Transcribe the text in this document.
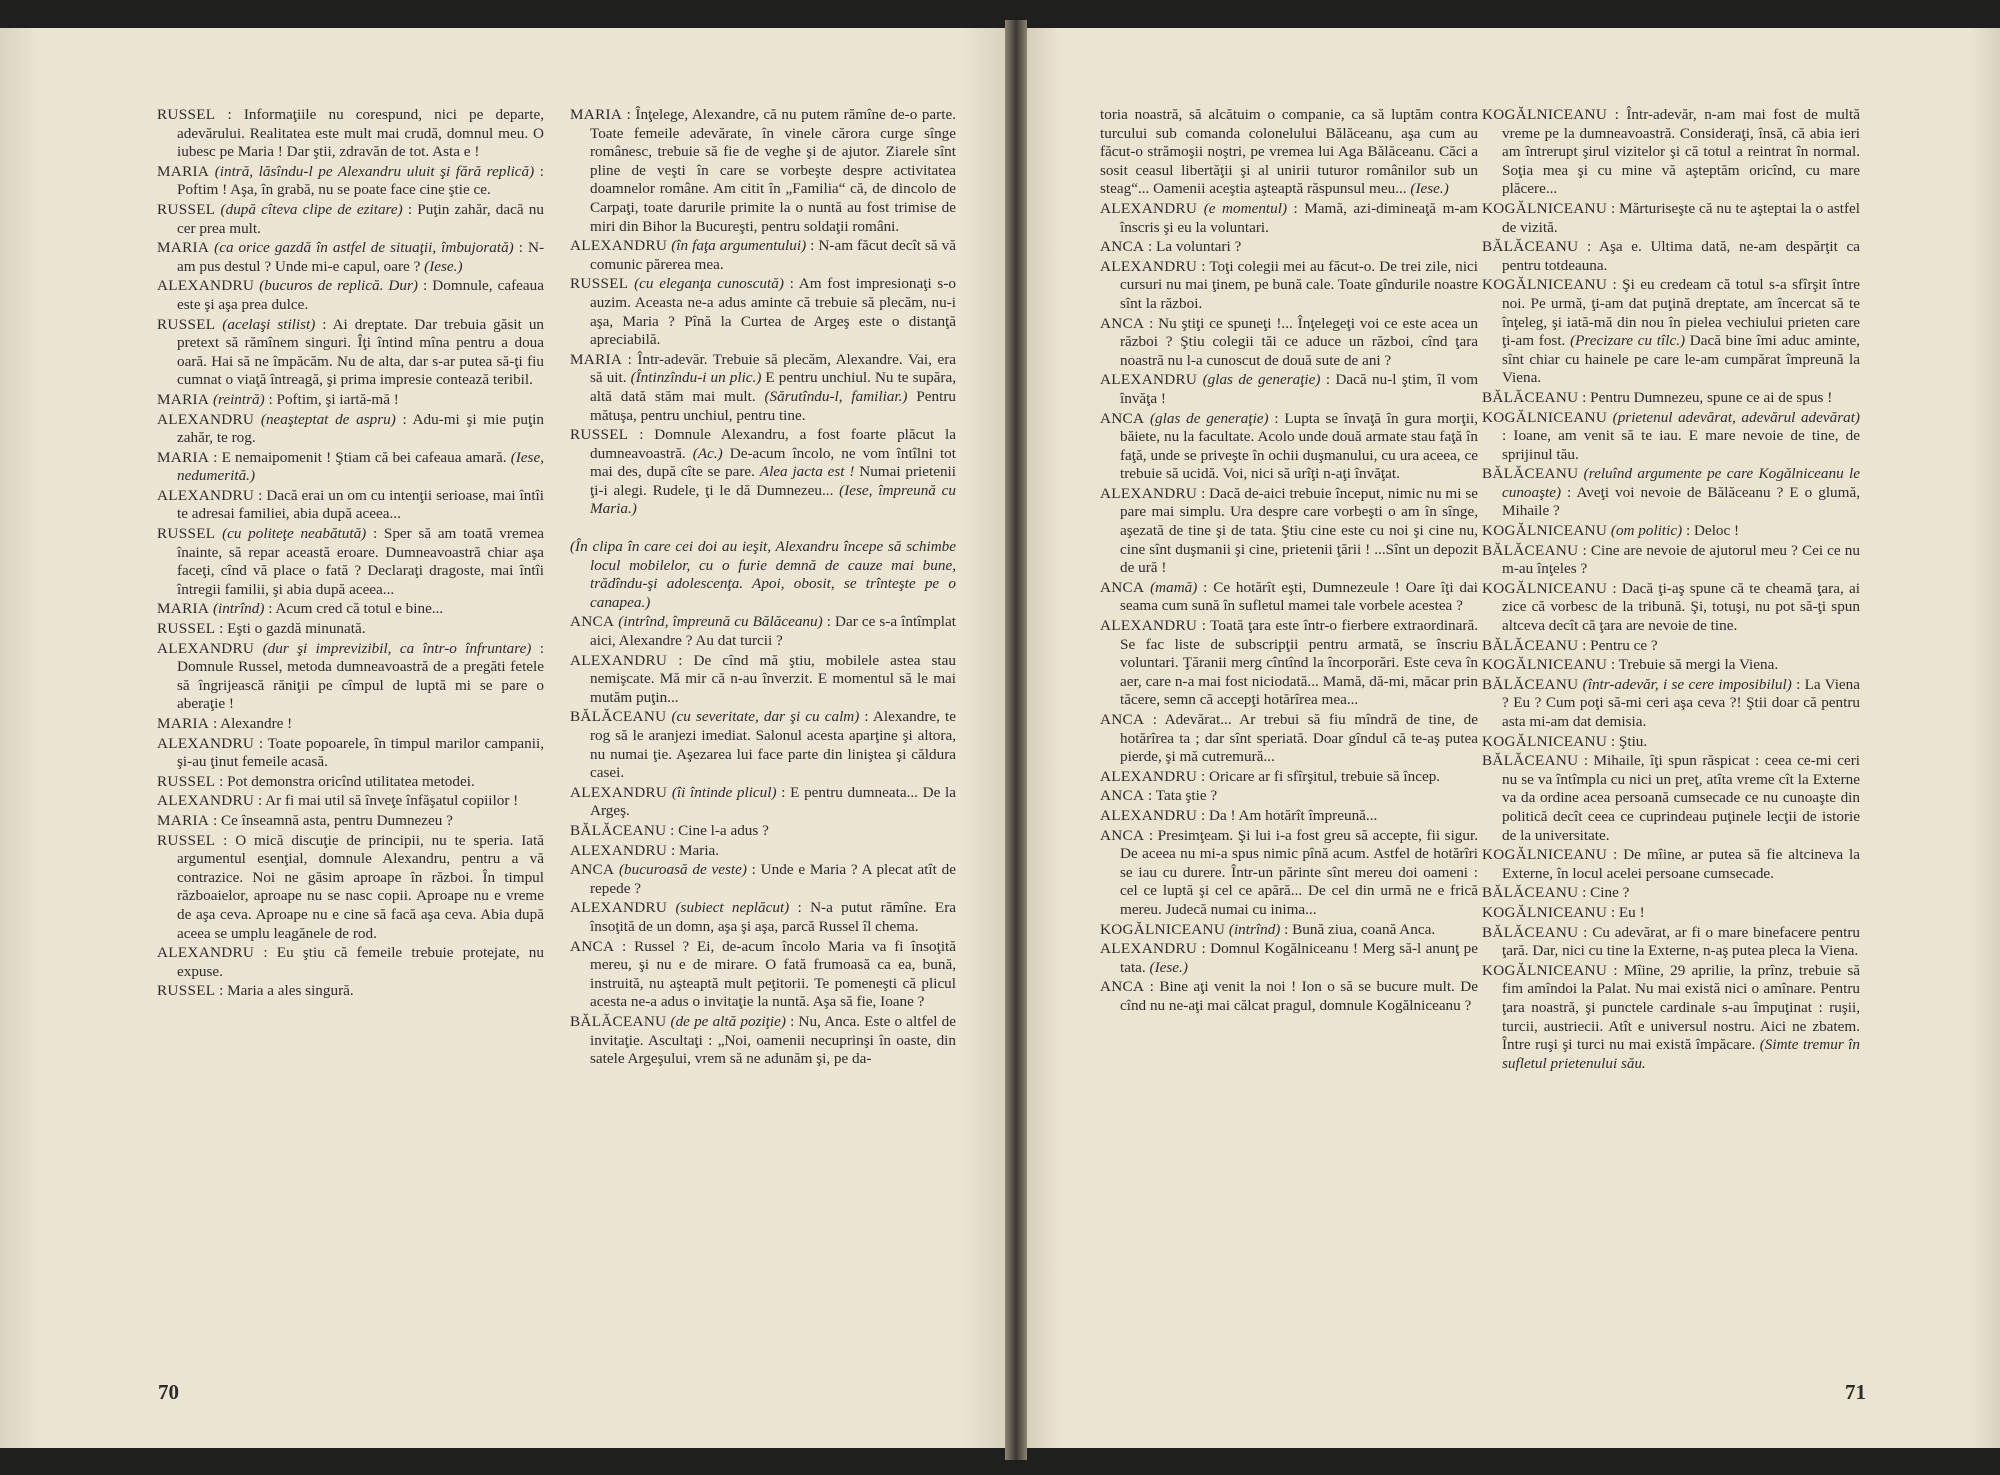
RUSSEL : Informaţiile nu corespund, nici pe departe, adevărului. Realitatea este mult mai crudă, domnul meu. O iubesc pe Maria ! Dar ştii, zdravăn de tot. Asta e !

MARIA (intră, lăsîndu-l pe Alexandru uluit şi fără replică) : Poftim ! Aşa, în grabă, nu se poate face cine ştie ce.

RUSSEL (după cîteva clipe de ezitare) : Puţin zahăr, dacă nu cer prea mult.

MARIA (ca orice gazdă în astfel de situaţii, îmbujorată) : N-am pus destul ? Unde mi-e capul, oare ? (Iese.)

ALEXANDRU (bucuros de replică. Dur) : Domnule, cafeaua este şi aşa prea dulce.

RUSSEL (acelaşi stilist) : Ai dreptate. Dar trebuia găsit un pretext să rămînem singuri. Îţi întind mîna pentru a doua oară. Hai să ne împăcăm. Nu de alta, dar s-ar putea să-ţi fiu cumnat o viaţă întreagă, şi prima impresie contează teribil.

MARIA (reintră) : Poftim, şi iartă-mă !

ALEXANDRU (neaşteptat de aspru) : Adu-mi şi mie puţin zahăr, te rog.

MARIA : E nemaipomenit ! Ştiam că bei cafeaua amară. (Iese, nedumerită.)

ALEXANDRU : Dacă erai un om cu intenţii serioase, mai întîi te adresai familiei, abia după aceea...

RUSSEL (cu politeţe neabătută) : Sper să am toată vremea înainte, să repar această eroare. Dumneavoastră chiar aşa faceţi, cînd vă place o fată ? Declaraţi dragoste, mai întîi întregii familii, şi abia după aceea...

MARIA (intrînd) : Acum cred că totul e bine...

RUSSEL : Eşti o gazdă minunată.

ALEXANDRU (dur şi imprevizibil, ca într-o înfruntare) : Domnule Russel, metoda dumneavoastră de a pregăti fetele să îngrijească răniţii pe cîmpul de luptă mi se pare o aberaţie !

MARIA : Alexandre !

ALEXANDRU : Toate popoarele, în timpul marilor campanii, şi-au ţinut femeile acasă.

RUSSEL : Pot demonstra oricînd utilitatea metodei.

ALEXANDRU : Ar fi mai util să înveţe înfăşatul copiilor !

MARIA : Ce înseamnă asta, pentru Dumnezeu ?

RUSSEL : O mică discuţie de principii, nu te speria. Iată argumentul esenţial, domnule Alexandru, pentru a vă contrazice. Noi ne găsim aproape în război. În timpul războaielor, aproape nu se nasc copii. Aproape nu e vreme de aşa ceva. Aproape nu e cine să facă aşa ceva. Abia după aceea se umplu leagănele de rod.

ALEXANDRU : Eu ştiu că femeile trebuie protejate, nu expuse.

RUSSEL : Maria a ales singură.

MARIA : Înţelege, Alexandre, că nu putem rămîne de-o parte. Toate femeile adevărate, în vinele cărora curge sînge românesc, trebuie să fie de veghe şi de ajutor. Ziarele sînt pline de veşti în care se vorbeşte despre activitatea doamnelor române. Am citit în „Familia“ că, de dincolo de Carpaţi, toate darurile primite la o nuntă au fost trimise de miri din Bihor la Bucureşti, pentru soldaţii români.

ALEXANDRU (în faţa argumentului) : N-am făcut decît să vă comunic părerea mea.

RUSSEL (cu eleganţa cunoscută) : Am fost impresionaţi s-o auzim. Aceasta ne-a adus aminte că trebuie să plecăm, nu-i aşa, Maria ? Pînă la Curtea de Argeş este o distanţă apreciabilă.

MARIA : Într-adevăr. Trebuie să plecăm, Alexandre. Vai, era să uit. (Întinzîndu-i un plic.) E pentru unchiul. Nu te supăra, altă dată stăm mai mult. (Sărutîndu-l, familiar.) Pentru mătuşa, pentru unchiul, pentru tine.

RUSSEL : Domnule Alexandru, a fost foarte plăcut la dumneavoastră. (Ac.) De-acum încolo, ne vom întîlni tot mai des, după cîte se pare. Alea jacta est ! Numai prietenii ţi-i alegi. Rudele, ţi le dă Dumnezeu... (Iese, împreună cu Maria.)

(În clipa în care cei doi au ieşit, Alexandru începe să schimbe locul mobilelor, cu o furie demnă de cauze mai bune, trădîndu-şi adolescenţa. Apoi, obosit, se trînteşte pe o canapea.)

ANCA (intrînd, împreună cu Bălăceanu) : Dar ce s-a întîmplat aici, Alexandre ? Au dat turcii ?

ALEXANDRU : De cînd mă ştiu, mobilele astea stau nemişcate. Mă mir că n-au înverzit. E momentul să le mai mutăm puţin...

BĂLĂCEANU (cu severitate, dar şi cu calm) : Alexandre, te rog să le aranjezi imediat. Salonul acesta aparţine şi altora, nu numai ţie. Aşezarea lui face parte din liniştea şi căldura casei.

ALEXANDRU (îi întinde plicul) : E pentru dumneata... De la Argeş.

BĂLĂCEANU : Cine l-a adus ?

ALEXANDRU : Maria.

ANCA (bucuroasă de veste) : Unde e Maria ? A plecat atît de repede ?

ALEXANDRU (subiect neplăcut) : N-a putut rămîne. Era însoţită de un domn, aşa şi aşa, parcă Russel îl chema.

ANCA : Russel ? Ei, de-acum încolo Maria va fi însoţită mereu, şi nu e de mirare. O fată frumoasă ca ea, bună, instruită, nu aşteaptă mult peţitorii. Te pomeneşti că plicul acesta ne-a adus o invitaţie la nuntă. Aşa să fie, Ioane ?

BĂLĂCEANU (de pe altă poziţie) : Nu, Anca. Este o altfel de invitaţie. Ascultaţi : „Noi, oamenii necuprinşi în oaste, din satele Argeşului, vrem să ne adunăm şi, pe da-

70

toria noastră, să alcătuim o companie, ca să luptăm contra turcului sub comanda colonelului Bălăceanu, aşa cum au făcut-o strămoşii noştri, pe vremea lui Aga Bălăceanu. Căci a sosit ceasul libertăţii şi al unirii tuturor românilor sub un steag“... Oamenii aceştia aşteaptă răspunsul meu... (Iese.)

ALEXANDRU (e momentul) : Mamă, azi-dimineaţă m-am înscris şi eu la voluntari.

ANCA : La voluntari ?

ALEXANDRU : Toţi colegii mei au făcut-o. De trei zile, nici cursuri nu mai ţinem, pe bună cale. Toate gîndurile noastre sînt la război.

ANCA : Nu ştiţi ce spuneţi !... Înţelegeţi voi ce este acea un război ? Ştiu colegii tăi ce aduce un război, cînd ţara noastră nu l-a cunoscut de două sute de ani ?

ALEXANDRU (glas de generaţie) : Dacă nu-l ştim, îl vom învăţa !

ANCA (glas de generaţie) : Lupta se învaţă în gura morţii, băiete, nu la facultate. Acolo unde două armate stau faţă în faţă, unde se priveşte în ochii duşmanului, cu ura aceea, ce trebuie să ucidă. Voi, nici să urîţi n-aţi învăţat.

ALEXANDRU : Dacă de-aici trebuie început, nimic nu mi se pare mai simplu. Ura despre care vorbeşti o am în sînge, aşezată de tine şi de tata. Ştiu cine este cu noi şi cine nu, cine sînt duşmanii şi cine, prietenii ţării ! ...Sînt un depozit de ură !

ANCA (mamă) : Ce hotărît eşti, Dumnezeule ! Oare îţi dai seama cum sună în sufletul mamei tale vorbele acestea ?

ALEXANDRU : Toată ţara este într-o fierbere extraordinară. Se fac liste de subscripţii pentru armată, se înscriu voluntari. Ţăranii merg cîntînd la încorporări. Este ceva în aer, care n-a mai fost niciodată... Mamă, dă-mi, măcar prin tăcere, semn că accepţi hotărîrea mea...

ANCA : Adevărat... Ar trebui să fiu mîndră de tine, de hotărîrea ta ; dar sînt speriată. Doar gîndul că te-aş putea pierde, şi mă cutremură...

ALEXANDRU : Oricare ar fi sfîrşitul, trebuie să încep.

ANCA : Tata ştie ?

ALEXANDRU : Da ! Am hotărît împreună...

ANCA : Presimţeam. Şi lui i-a fost greu să accepte, fii sigur. De aceea nu mi-a spus nimic pînă acum. Astfel de hotărîri se iau cu durere. Într-un părinte sînt mereu doi oameni : cel ce luptă şi cel ce apără... De cel din urmă ne e frică mereu. Judecă numai cu inima...

KOGĂLNICEANU (intrînd) : Bună ziua, coană Anca.

ALEXANDRU : Domnul Kogălniceanu ! Merg să-l anunţ pe tata. (Iese.)

ANCA : Bine aţi venit la noi ! Ion o să se bucure mult. De cînd nu ne-aţi mai călcat pragul, domnule Kogălniceanu ?

KOGĂLNICEANU : Într-adevăr, n-am mai fost de multă vreme pe la dumneavoastră. Consideraţi, însă, că abia ieri am întrerupt şirul vizitelor şi că totul a reintrat în normal. Soţia mea şi cu mine vă aşteptăm oricînd, cu mare plăcere...

KOGĂLNICEANU : Mărturiseşte că nu te aşteptai la o astfel de vizită.

BĂLĂCEANU : Aşa e. Ultima dată, ne-am despărţit ca pentru totdeauna.

KOGĂLNICEANU : Şi eu credeam că totul s-a sfîrşit între noi. Pe urmă, ţi-am dat puţină dreptate, am încercat să te înţeleg, şi iată-mă din nou în pielea vechiului prieten care ţi-am fost. (Precizare cu tîlc.) Dacă bine îmi aduc aminte, sînt chiar cu hainele pe care le-am cumpărat împreună la Viena.

BĂLĂCEANU : Pentru Dumnezeu, spune ce ai de spus !

KOGĂLNICEANU (prietenul adevărat, adevărul adevărat) : Ioane, am venit să te iau. E mare nevoie de tine, de sprijinul tău.

BĂLĂCEANU (reluînd argumente pe care Kogălniceanu le cunoaşte) : Aveţi voi nevoie de Bălăceanu ? E o glumă, Mihaile ?

KOGĂLNICEANU (om politic) : Deloc !

BĂLĂCEANU : Cine are nevoie de ajutorul meu ? Cei ce nu m-au înţeles ?

KOGĂLNICEANU : Dacă ţi-aş spune că te cheamă ţara, ai zice că vorbesc de la tribună. Şi, totuşi, nu pot să-ţi spun altceva decît că ţara are nevoie de tine.

BĂLĂCEANU : Pentru ce ?

KOGĂLNICEANU : Trebuie să mergi la Viena.

BĂLĂCEANU (într-adevăr, i se cere imposibilul) : La Viena ? Eu ? Cum poţi să-mi ceri aşa ceva ?! Ştii doar că pentru asta mi-am dat demisia.

KOGĂLNICEANU : Ştiu.

BĂLĂCEANU : Mihaile, îţi spun răspicat : ceea ce-mi ceri nu se va întîmpla cu nici un preţ, atîta vreme cît la Externe va da ordine acea persoană cumsecade ce nu cunoaşte din politică decît ceea ce cuprindeau puţinele lecţii de istorie de la universitate.

KOGĂLNICEANU : De mîine, ar putea să fie altcineva la Externe, în locul acelei persoane cumsecade.

BĂLĂCEANU : Cine ?

KOGĂLNICEANU : Eu !

BĂLĂCEANU : Cu adevărat, ar fi o mare binefacere pentru ţară. Dar, nici cu tine la Externe, n-aş putea pleca la Viena.

KOGĂLNICEANU : Mîine, 29 aprilie, la prînz, trebuie să fim amîndoi la Palat. Nu mai există nici o amînare. Pentru ţara noastră, şi punctele cardinale s-au împuţinat : ruşii, turcii, austriecii. Atît e universul nostru. Aici ne zbatem. Între ruşi şi turci nu mai există împăcare. (Simte tremur în sufletul prietenului său.

71
